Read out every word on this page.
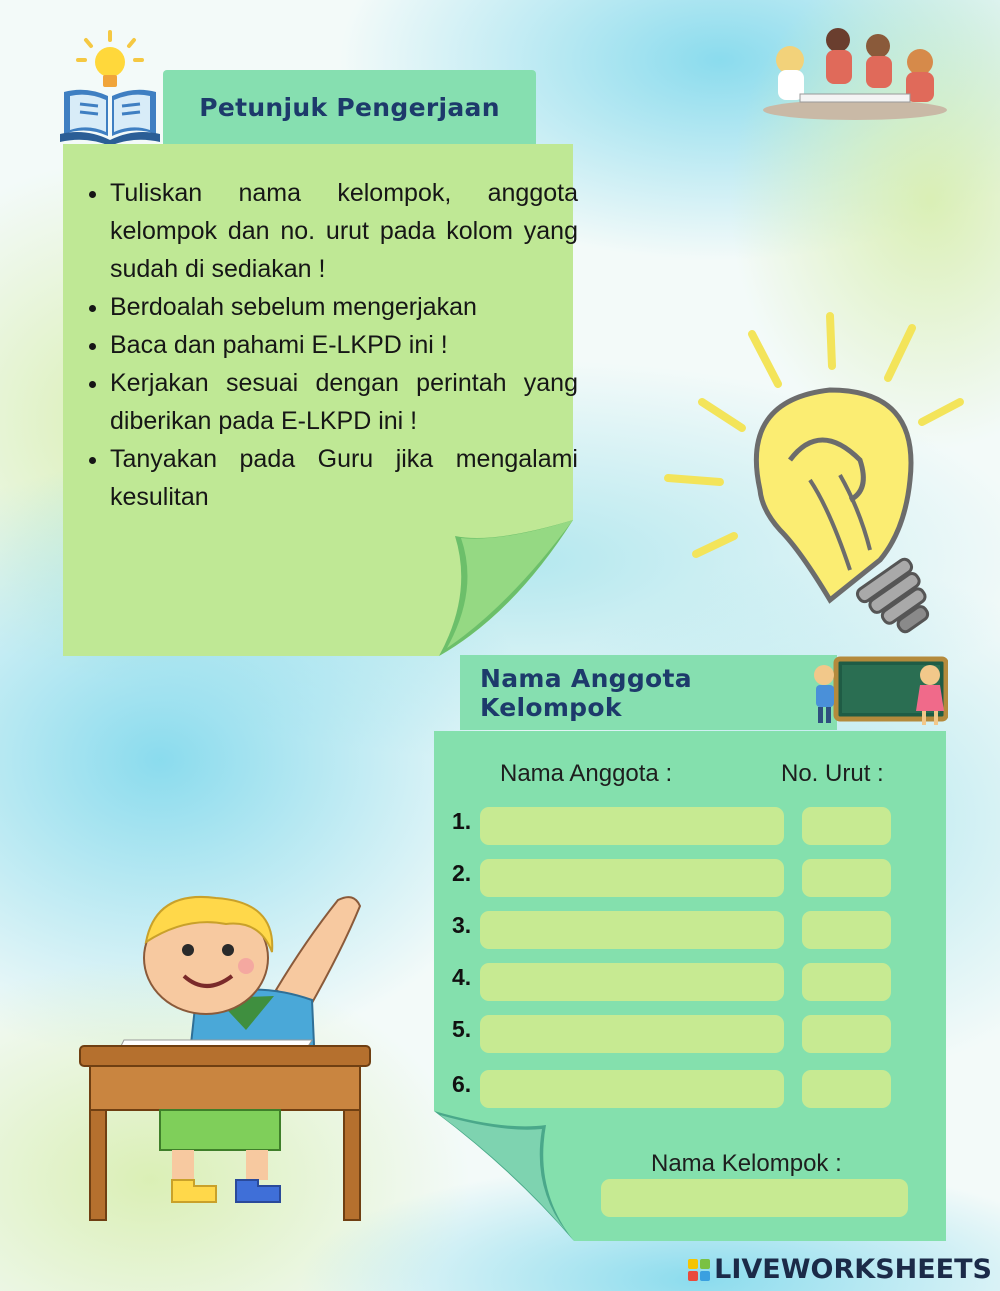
Petunjuk Pengerjaan
• Tuliskan nama kelompok, anggota kelompok dan no. urut pada kolom yang sudah di sediakan !
• Berdoalah sebelum mengerjakan
• Baca dan pahami E-LKPD ini !
• Kerjakan sesuai dengan perintah yang diberikan pada E-LKPD ini !
• Tanyakan pada Guru jika mengalami kesulitan
Nama Anggota Kelompok
Nama Anggota :	No. Urut :
1.
2.
3.
4.
5.
6.
Nama Kelompok :
LIVEWORKSHEETS
